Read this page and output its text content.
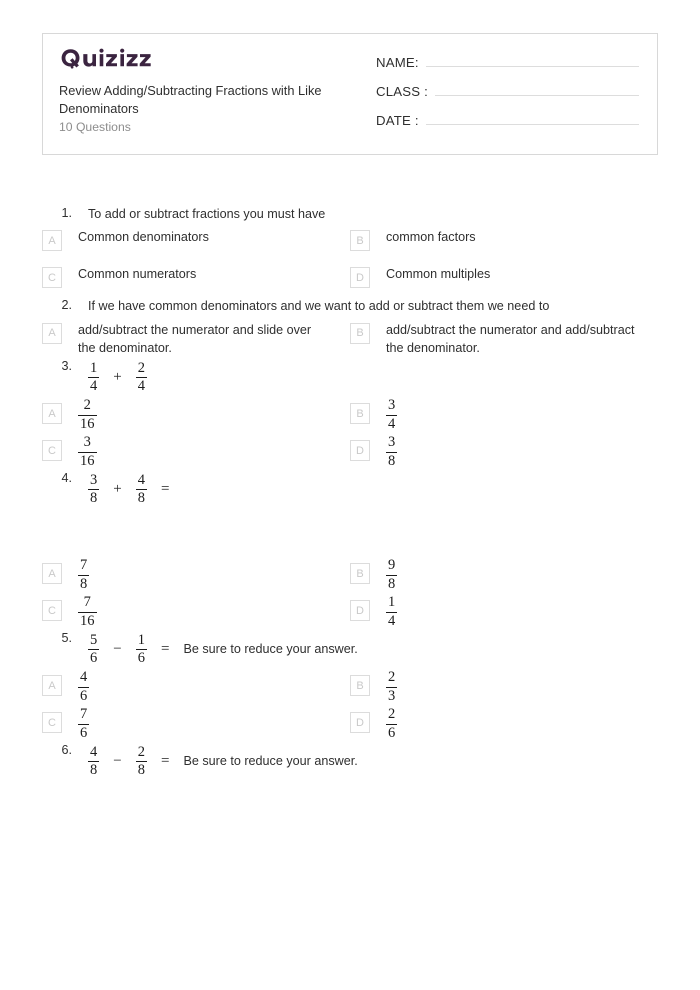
Review Adding/Subtracting Fractions with Like Denominators
10 Questions
NAME:
CLASS :
DATE :
1. To add or subtract fractions you must have
A	Common denominators	B	common factors
C	Common numerators	D	Common multiples
2. If we have common denominators and we want to add or subtract them we need to
A	add/subtract the numerator and slide over the denominator.
B	add/subtract the numerator and add/subtract the denominator.
3. $\frac{1}{4} + \frac{2}{4}$
A	$\frac{2}{16}$	B	$\frac{3}{4}$
C	$\frac{3}{16}$	D	$\frac{3}{8}$
4. $\frac{3}{8} + \frac{4}{8}$ =
A	$\frac{7}{8}$	B	$\frac{9}{8}$
C	$\frac{7}{16}$	D	$\frac{1}{4}$
5. $\frac{5}{6} - \frac{1}{6} = Be$ sure to reduce your answer.
A	$\frac{4}{6}$	B	$\frac{2}{3}$
C	$\frac{7}{6}$	D	$\frac{2}{6}$
6. $\frac{4}{8} - \frac{2}{8} = Be$ sure to reduce your answer.
